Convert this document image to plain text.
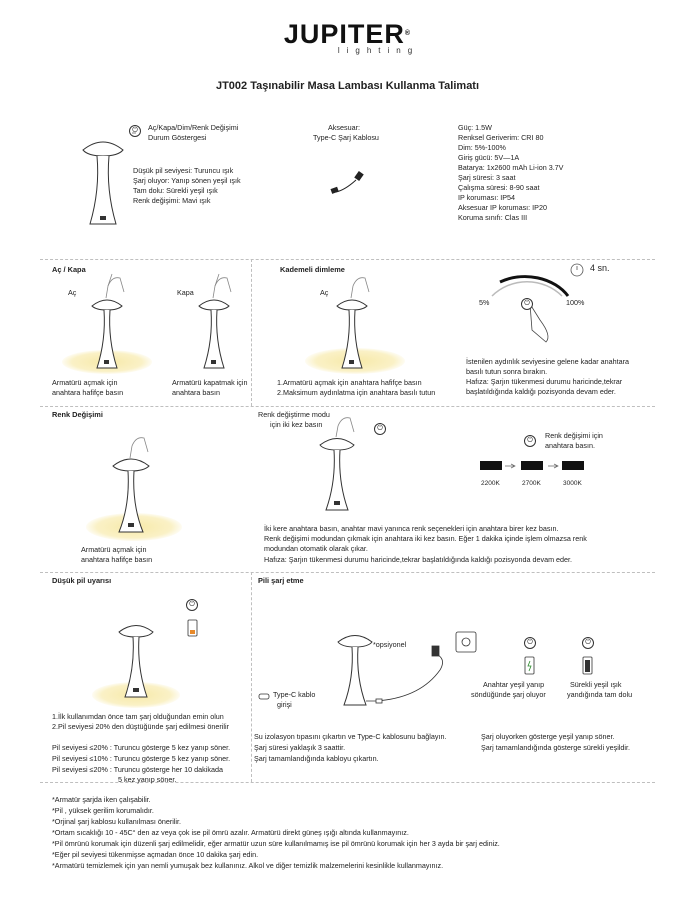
JUPITER®
lighting
JT002 Taşınabilir Masa Lambası Kullanma Talimatı
⏻	Aç/Kapa/Dim/Renk Değişimi
Durum Göstergesi
Düşük pil seviyesi: Turuncu ışık
Şarj oluyor: Yanıp sönen yeşil ışık
Tam dolu: Sürekli yeşil ışık
Renk değişimi: Mavi ışık
Aksesuar:
Type-C Şarj Kablosu
Güç: 1.5W
Renksel Geriverim: CRI 80
Dim: 5%-100%
Giriş gücü: 5V—1A
Batarya: 1x2600 mAh Li-ion 3.7V
Şarj süresi: 3 saat
Çalışma süresi: 8-90 saat
IP koruması: IP54
Aksesuar IP koruması: IP20
Koruma sınıfı: Clas III
Aç / Kapa
Aç	Kapa
Armatürü açmak için
anahtara hafifçe basın
Armatürü kapatmak için
anahtara basın
Kademeli dimleme
Aç
⏻
4 sn.
5%	100%
1.Armatürü açmak için anahtara hafifçe basın
2.Maksimum aydınlatma için anahtara basılı tutun
İstenilen aydınlık seviyesine gelene kadar anahtara
basılı tutun sonra bırakın.
Hafıza: Şarjın tükenmesi durumu haricinde,tekrar
başlatıldığında kaldığı pozisyonda devam eder.
Renk Değişimi
⏻
⏻
2200K	2700K	3000K
Renk değiştirme modu
için iki kez basın
Renk değişimi için
anahtara basın.
Armatürü açmak için
anahtara hafifçe basın
İki kere anahtara basın, anahtar mavi yanınca renk seçenekleri için anahtara birer kez basın.
Renk değişimi modundan çıkmak için anahtara iki kez basın. Eğer 1 dakika içinde işlem olmazsa renk
modundan otomatik olarak çıkar.
Hafıza: Şarjın tükenmesi durumu haricinde,tekrar başlatıldığında kaldığı pozisyonda devam eder.
Düşük pil uyarısı
⏻
1.İlk kullanımdan önce tam şarj olduğundan emin olun
2.Pil seviyesi 20% den düştüğünde şarj edilmesi önerilir
Pil seviyesi ≤20% : Turuncu gösterge 5 kez yanıp söner.
Pil seviyesi ≤10% : Turuncu gösterge 5 kez yanıp söner.
Pil seviyesi ≤20% : Turuncu gösterge her 10 dakikada
5 kez yanıp söner.
Pili şarj etme
⏻	⏻
*opsiyonel
Type-C kablo
girişi
Anahtar yeşil yanıp
söndüğünde şarj oluyor
Sürekli yeşil ışık
yandığında tam dolu
Su izolasyon tıpasını çıkartın ve Type-C kablosunu bağlayın.
Şarj süresi yaklaşık 3 saattir.
Şarj tamamlandığında kabloyu çıkartın.
Şarj oluyorken gösterge yeşil yanıp söner.
Şarj tamamlandığında gösterge sürekli yeşildir.
*Armatür şarjda iken çalışabilir.
*Pil , yüksek gerilim korumalıdır.
*Orjinal şarj kablosu kullanılması önerilir.
*Ortam sıcaklığı 10 - 45C° den az veya çok ise pil ömrü azalır. Armatürü direkt güneş ışığı altında kullanmayınız.
*Pil ömrünü korumak için düzenli şarj edilmelidir, eğer armatür uzun süre kullanılmamış ise pil ömrünü korumak için her 3 ayda bir şarj ediniz.
*Eğer pil seviyesi tükenmişse açmadan önce 10 dakika şarj edin.
*Armatürü temizlemek için yan nemli yumuşak bez kullanınız. Alkol ve diğer temizlik malzemelerini kesinlikle kullanmayınız.
